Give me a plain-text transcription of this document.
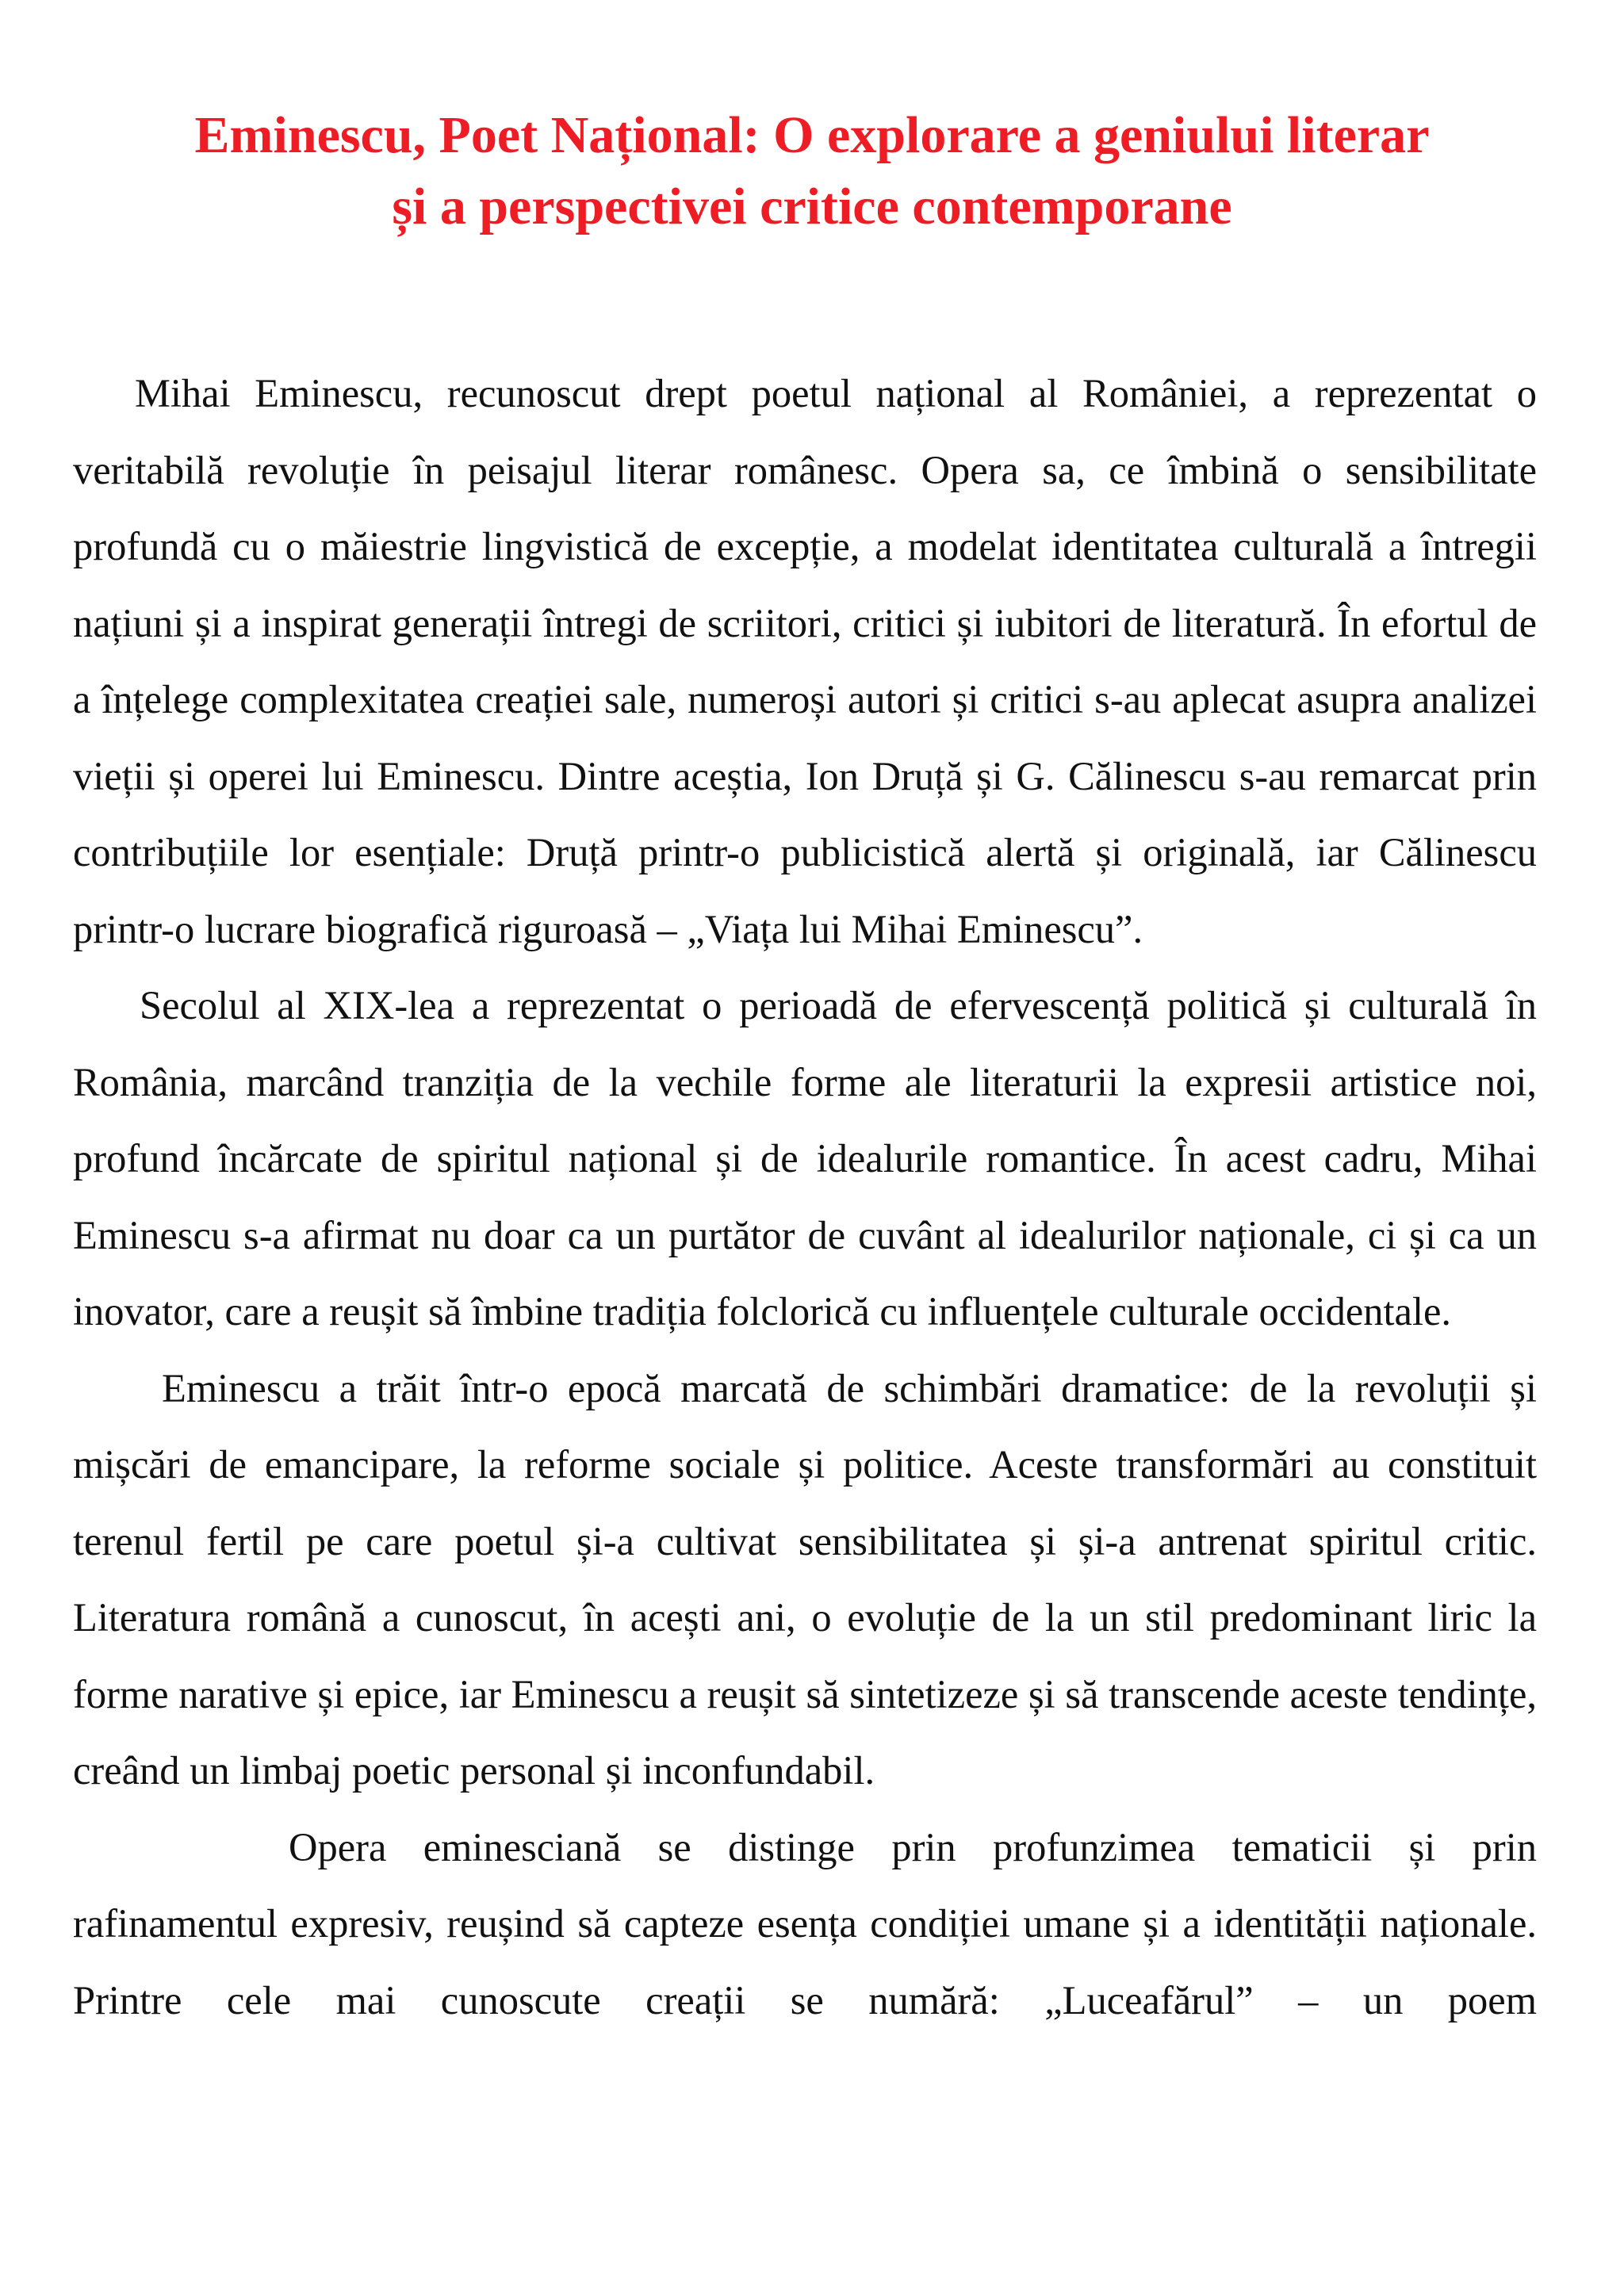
Eminescu, Poet Național: O explorare a geniului literar
și a perspectivei critice contemporane

Mihai Eminescu, recunoscut drept poetul național al României, a reprezentat o veritabilă revoluție în peisajul literar românesc. Opera sa, ce îmbină o sensibilitate profundă cu o măiestrie lingvistică de excepție, a modelat identitatea culturală a întregii națiuni și a inspirat generații întregi de scriitori, critici și iubitori de literatură. În efortul de a înțelege complexitatea creației sale, numeroși autori și critici s-au aplecat asupra analizei vieții și operei lui Eminescu. Dintre aceștia, Ion Druță și G. Călinescu s-au remarcat prin contribuțiile lor esențiale: Druță printr-o publicistică alertă și originală, iar Călinescu printr-o lucrare biografică riguroasă – „Viața lui Mihai Eminescu”.

Secolul al XIX-lea a reprezentat o perioadă de efervescență politică și culturală în România, marcând tranziția de la vechile forme ale literaturii la expresii artistice noi, profund încărcate de spiritul național și de idealurile romantice. În acest cadru, Mihai Eminescu s-a afirmat nu doar ca un purtător de cuvânt al idealurilor naționale, ci și ca un inovator, care a reușit să îmbine tradiția folclorică cu influențele culturale occidentale.

Eminescu a trăit într-o epocă marcată de schimbări dramatice: de la revoluții și mișcări de emancipare, la reforme sociale și politice. Aceste transformări au constituit terenul fertil pe care poetul și-a cultivat sensibilitatea și și-a antrenat spiritul critic. Literatura română a cunoscut, în acești ani, o evoluție de la un stil predominant liric la forme narative și epice, iar Eminescu a reușit să sintetizeze și să transcende aceste tendințe, creând un limbaj poetic personal și inconfundabil.

Opera eminesciană se distinge prin profunzimea tematicii și prin rafinamentul expresiv, reușind să capteze esența condiției umane și a identității naționale. Printre cele mai cunoscute creații se numără: „Luceafărul” – un poem
